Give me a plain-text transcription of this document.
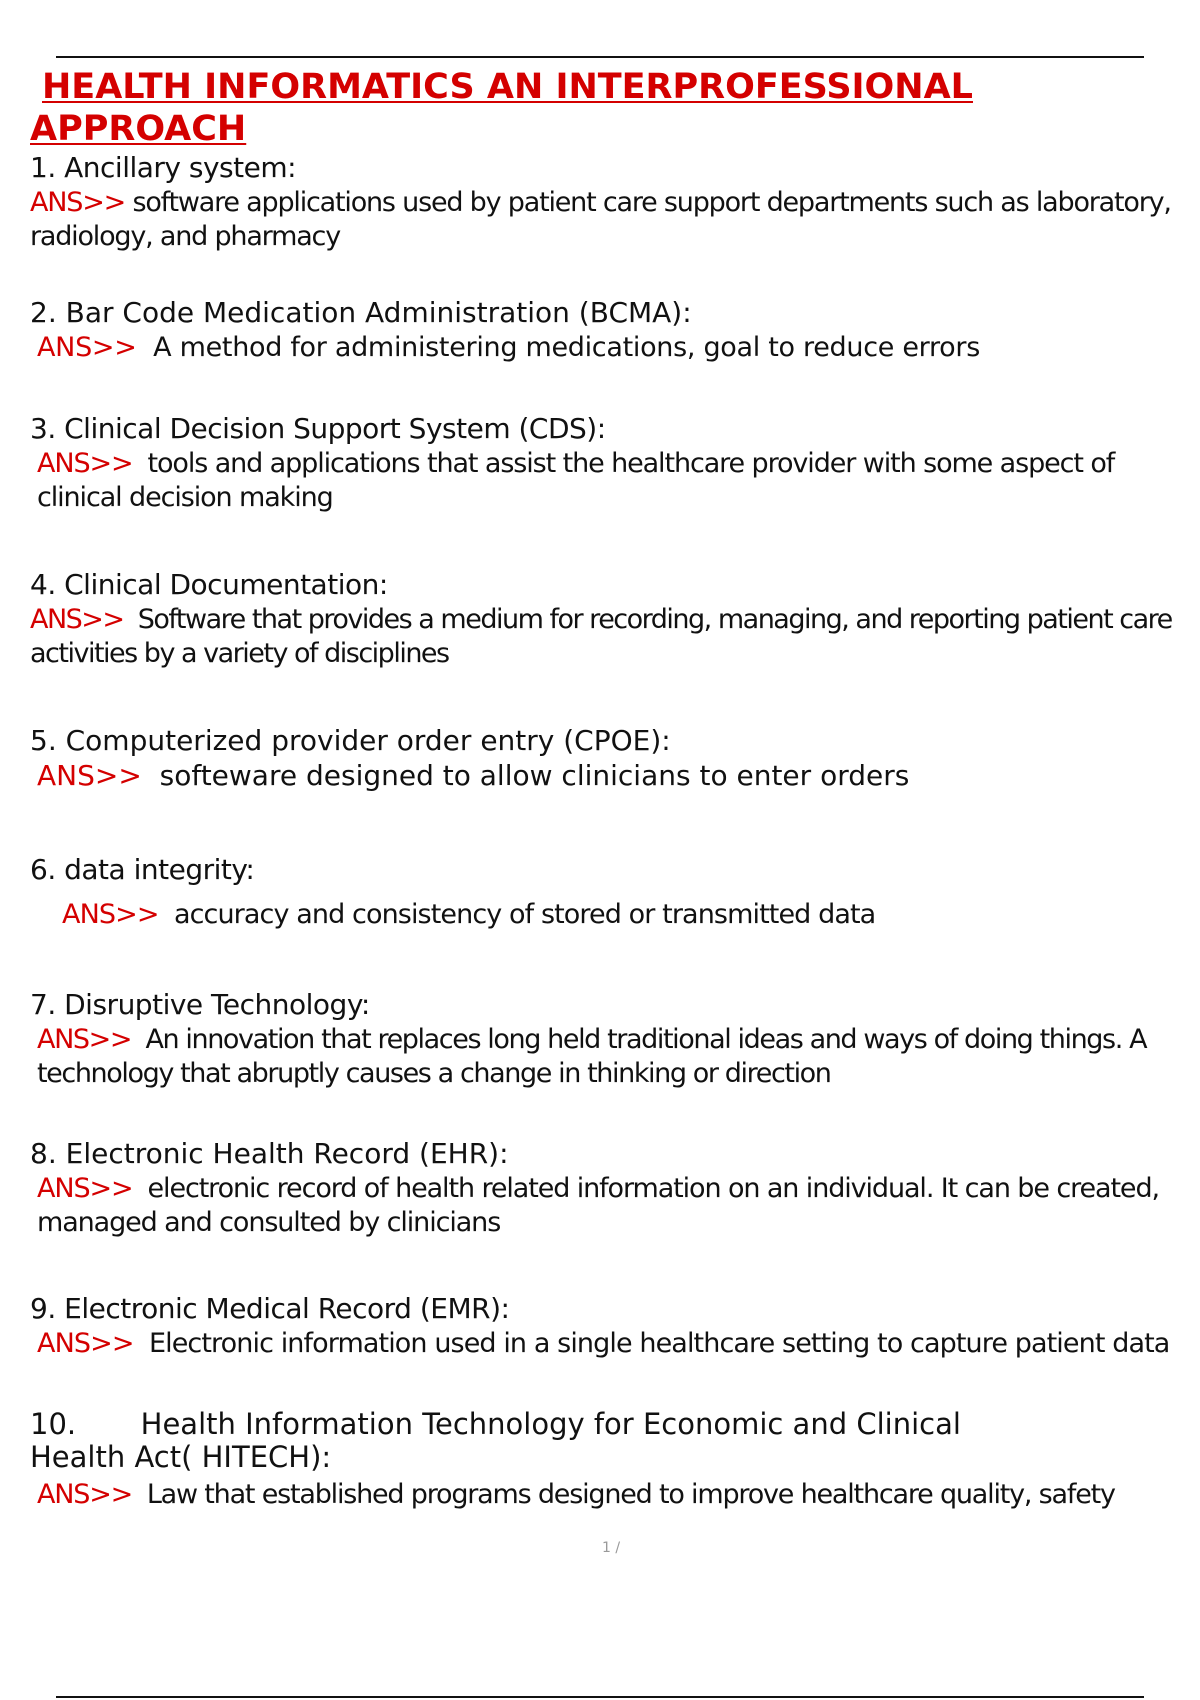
HEALTH INFORMATICS AN INTERPROFESSIONAL
APPROACH
1. Ancillary system:
ANS>> software applications used by patient care support departments such as laboratory, radiology, and pharmacy
2. Bar Code Medication Administration (BCMA):
ANS>> A method for administering medications, goal to reduce errors
3. Clinical Decision Support System (CDS):
ANS>> tools and applications that assist the healthcare provider with some aspect of clinical decision making
4. Clinical Documentation:
ANS>> Software that provides a medium for recording, managing, and reporting patient care activities by a variety of disciplines
5. Computerized provider order entry (CPOE):
ANS>> softeware designed to allow clinicians to enter orders
6. data integrity:
ANS>> accuracy and consistency of stored or transmitted data
7. Disruptive Technology:
ANS>> An innovation that replaces long held traditional ideas and ways of doing things. A technology that abruptly causes a change in thinking or direction
8. Electronic Health Record (EHR):
ANS>> electronic record of health related information on an individual. It can be created, managed and consulted by clinicians
9. Electronic Medical Record (EMR):
ANS>> Electronic information used in a single healthcare setting to capture patient data
10. Health Information Technology for Economic and Clinical Health Act( HITECH):
ANS>> Law that established programs designed to improve healthcare quality, safety
1 /
